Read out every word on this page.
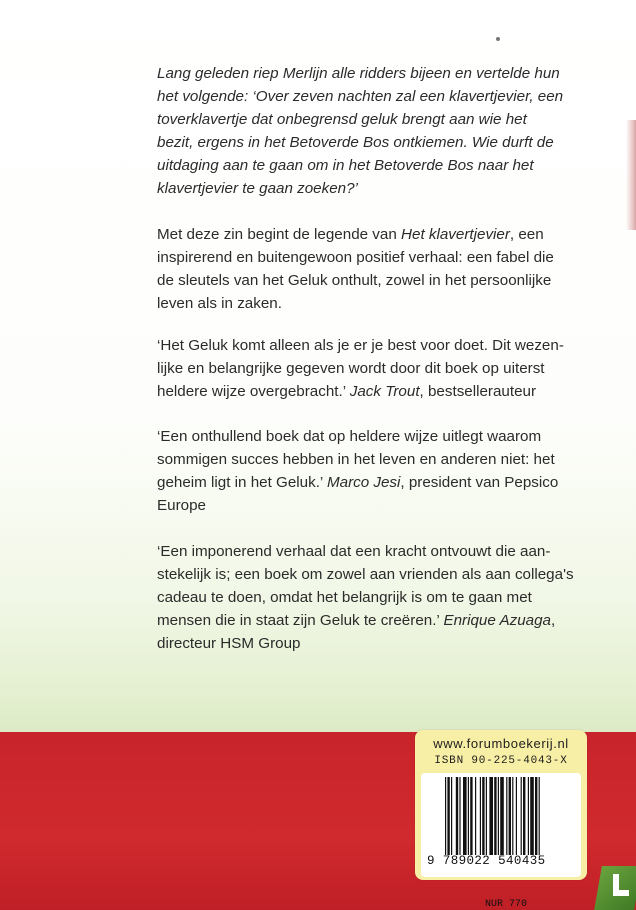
Lang geleden riep Merlijn alle ridders bijeen en vertelde hun
het volgende: ‘Over zeven nachten zal een klavertjevier, een
toverklavertje dat onbegrensd geluk brengt aan wie het
bezit, ergens in het Betoverde Bos ontkiemen. Wie durft de
uitdaging aan te gaan om in het Betoverde Bos naar het
klavertjevier te gaan zoeken?’

Met deze zin begint de legende van Het klavertjevier, een
inspirerend en buitengewoon positief verhaal: een fabel die
de sleutels van het Geluk onthult, zowel in het persoonlijke
leven als in zaken.

‘Het Geluk komt alleen als je er je best voor doet. Dit wezen-
lijke en belangrijke gegeven wordt door dit boek op uiterst
heldere wijze overgebracht.’ Jack Trout, bestsellerauteur

‘Een onthullend boek dat op heldere wijze uitlegt waarom
sommigen succes hebben in het leven en anderen niet: het
geheim ligt in het Geluk.’ Marco Jesi, president van Pepsico
Europe

‘Een imponerend verhaal dat een kracht ontvouwt die aan-
stekelijk is; een boek om zowel aan vrienden als aan collega's
cadeau te doen, omdat het belangrijk is om te gaan met
mensen die in staat zijn Geluk te creëren.’ Enrique Azuaga,
directeur HSM Group

www.forumboekerij.nl
ISBN 90-225-4043-X
9 789022 540435
NUR 770
